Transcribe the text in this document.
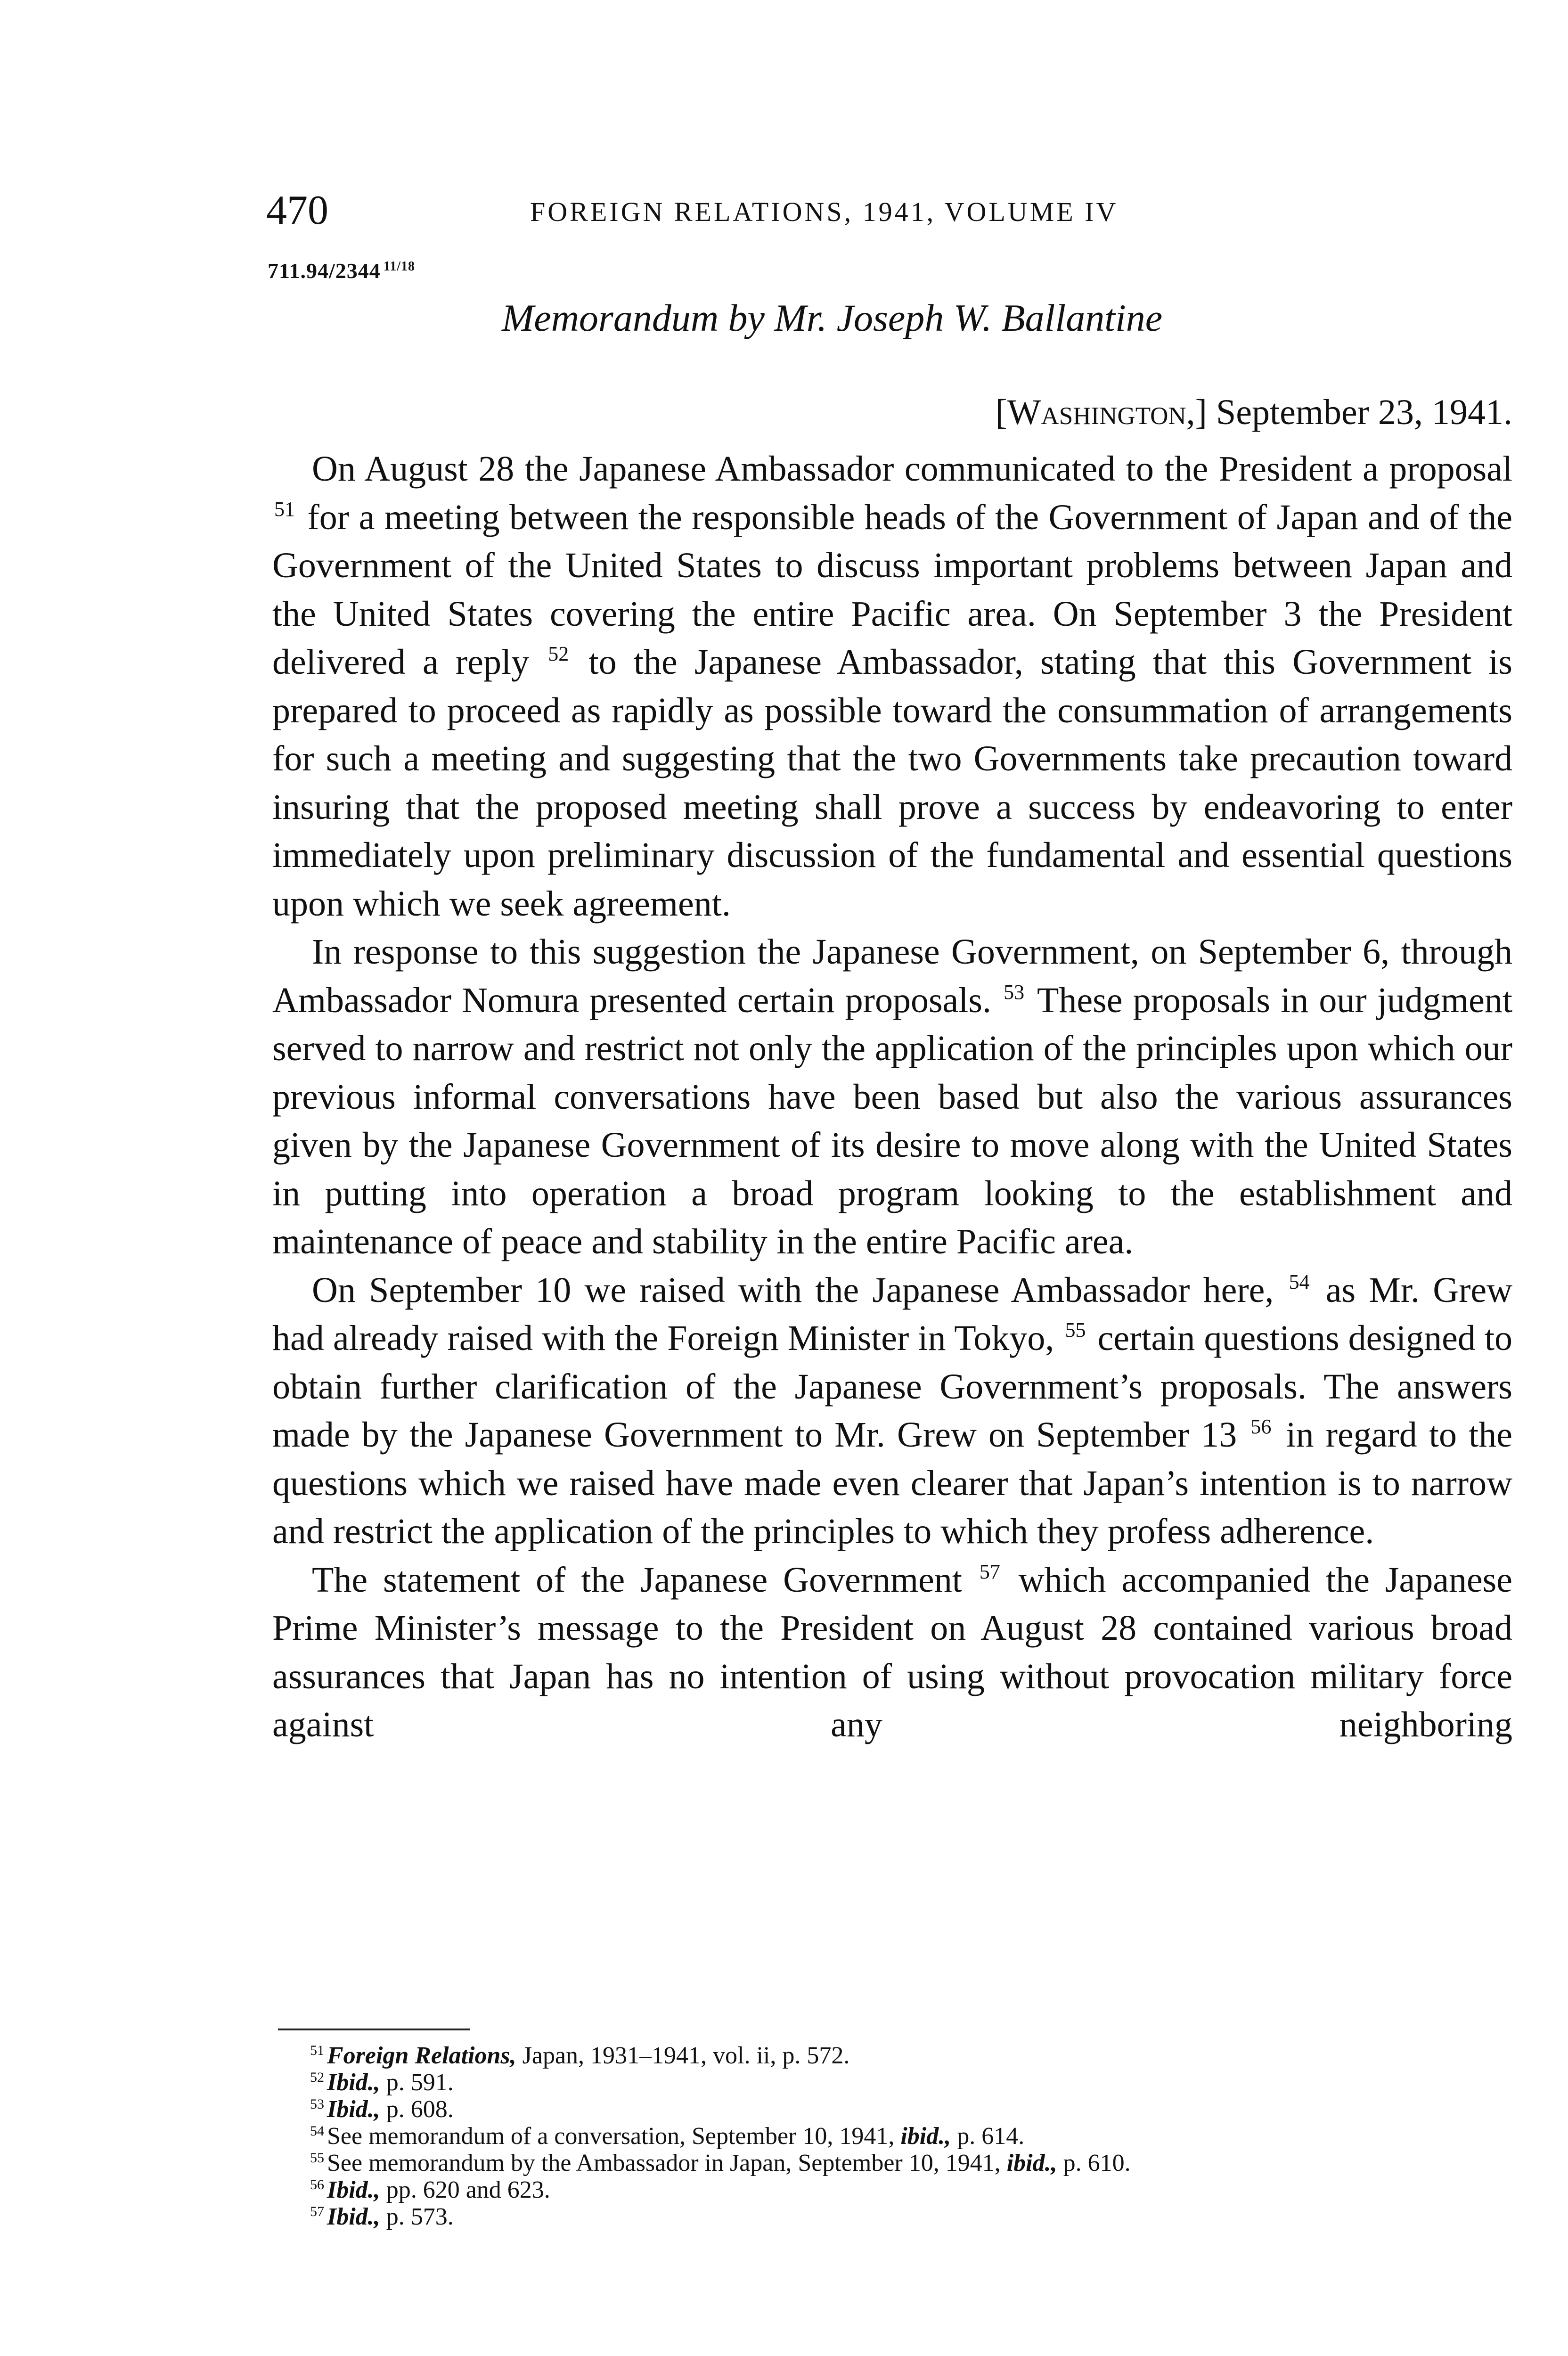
470	FOREIGN RELATIONS, 1941, VOLUME IV
711.94/2344 $^{11/18}$
Memorandum by Mr. Joseph W. Ballantine
[Washington,] September 23, 1941.

On August 28 the Japanese Ambassador communicated to the President a proposal $^{51}$ for a meeting between the responsible heads of the Government of Japan and of the Government of the United States to discuss important problems between Japan and the United States covering the entire Pacific area. On September 3 the President delivered a reply $^{52}$ to the Japanese Ambassador, stating that this Government is prepared to proceed as rapidly as possible toward the consummation of arrangements for such a meeting and suggesting that the two Governments take precaution toward insuring that the proposed meeting shall prove a success by endeavoring to enter immediately upon preliminary discussion of the fundamental and essential questions upon which we seek agreement.

In response to this suggestion the Japanese Government, on September 6, through Ambassador Nomura presented certain proposals. $^{53}$ These proposals in our judgment served to narrow and restrict not only the application of the principles upon which our previous informal conversations have been based but also the various assurances given by the Japanese Government of its desire to move along with the United States in putting into operation a broad program looking to the establishment and maintenance of peace and stability in the entire Pacific area.

On September 10 we raised with the Japanese Ambassador here, $^{54}$ as Mr. Grew had already raised with the Foreign Minister in Tokyo, $^{55}$ certain questions designed to obtain further clarification of the Japanese Government’s proposals. The answers made by the Japanese Government to Mr. Grew on September 13 $^{56}$ in regard to the questions which we raised have made even clearer that Japan’s intention is to narrow and restrict the application of the principles to which they profess adherence.

The statement of the Japanese Government $^{57}$ which accompanied the Japanese Prime Minister’s message to the President on August 28 contained various broad assurances that Japan has no intention of using without provocation military force against any neighboring

$^{51}$ Foreign Relations, Japan, 1931–1941, vol. ii, p. 572.

$^{52}$ Ibid., p. 591.

$^{53}$ Ibid., p. 608.

$^{54}$ See memorandum of a conversation, September 10, 1941, ibid., p. 614.

$^{55}$ See memorandum by the Ambassador in Japan, September 10, 1941, ibid., p. 610.

$^{56}$ Ibid., pp. 620 and 623.

$^{57}$ Ibid., p. 573.
